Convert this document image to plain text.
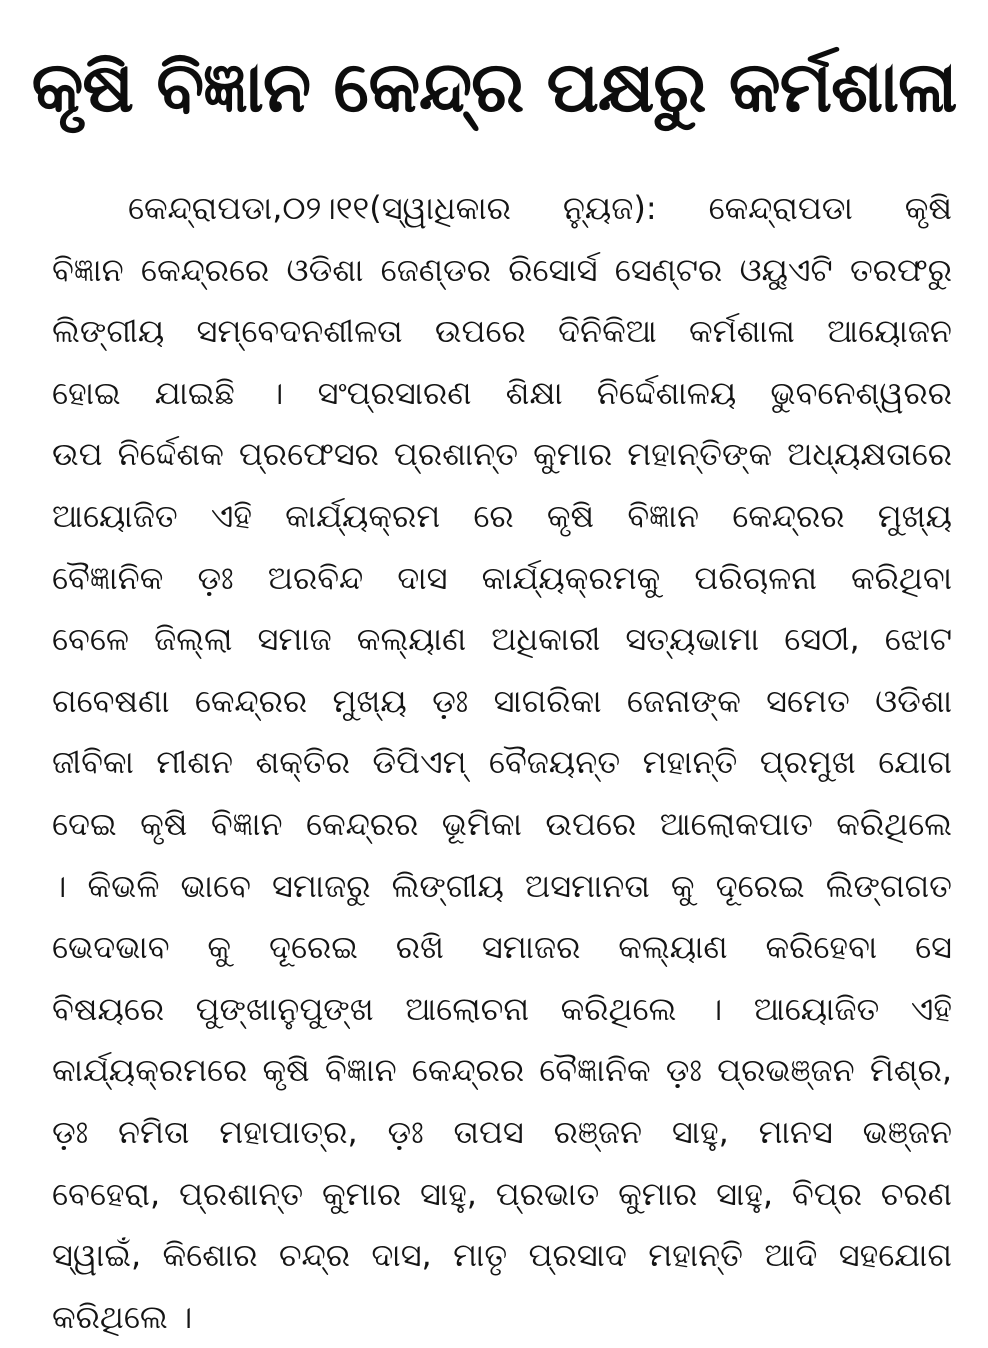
କୃଷି ବିଜ୍ଞାନ କେନ୍ଦ୍ର ପକ୍ଷରୁ କର୍ମଶାଳା
କେନ୍ଦ୍ରାପଡା,୦୨।୧୧(ସ୍ୱାଧିକାର ନ୍ୟୁଜ): କେନ୍ଦ୍ରାପଡା କୃଷି
ବିଜ୍ଞାନ କେନ୍ଦ୍ରରେ ଓଡିଶା ଜେଣ୍ଡର ରିସୋର୍ସ ସେଣ୍ଟର ଓୟୁଏଟି ତରଫରୁ
ଲିଙ୍ଗୀୟ ସମ୍ବେଦନଶୀଳତା ଉପରେ ଦିନିକିଆ କର୍ମଶାଳା ଆୟୋଜନ
ହୋଇ ଯାଇଛି । ସଂପ୍ରସାରଣ ଶିକ୍ଷା ନିର୍ଦ୍ଦେଶାଳୟ ଭୁବନେଶ୍ୱରର
ଉପ ନିର୍ଦ୍ଦେଶକ ପ୍ରଫେସର ପ୍ରଶାନ୍ତ କୁମାର ମହାନ୍ତିଙ୍କ ଅଧ୍ୟକ୍ଷତାରେ
ଆୟୋଜିତ ଏହି କାର୍ଯ୍ୟକ୍ରମ ରେ କୃଷି ବିଜ୍ଞାନ କେନ୍ଦ୍ରର ମୁଖ୍ୟ
ବୈଜ୍ଞାନିକ ଡ଼ଃ ଅରବିନ୍ଦ ଦାସ କାର୍ଯ୍ୟକ୍ରମକୁ ପରିଚାଳନା କରିଥିବା
ବେଳେ ଜିଲ୍ଲା ସମାଜ କଲ୍ୟାଣ ଅଧିକାରୀ ସତ୍ୟଭାମା ସେଠୀ, ଝୋଟ
ଗବେଷଣା କେନ୍ଦ୍ରର ମୁଖ୍ୟ ଡ଼ଃ ସାଗରିକା ଜେନାଙ୍କ ସମେତ ଓଡିଶା
ଜୀବିକା ମୀଶନ ଶକ୍ତିର ଡିପିଏମ୍ ବୈଜୟନ୍ତ ମହାନ୍ତି ପ୍ରମୁଖ ଯୋଗ
ଦେଇ କୃଷି ବିଜ୍ଞାନ କେନ୍ଦ୍ରର ଭୂମିକା ଉପରେ ଆଲୋକପାତ କରିଥିଲେ
। କିଭଳି ଭାବେ ସମାଜରୁ ଲିଙ୍ଗୀୟ ଅସମାନତା କୁ ଦୂରେଇ ଲିଙ୍ଗଗତ
ଭେଦଭାବ କୁ ଦୂରେଇ ରଖି ସମାଜର କଲ୍ୟାଣ କରିହେବା ସେ
ବିଷୟରେ ପୁଙ୍ଖାନୁପୁଙ୍ଖ ଆଲୋଚନା କରିଥିଲେ । ଆୟୋଜିତ ଏହି
କାର୍ଯ୍ୟକ୍ରମରେ କୃଷି ବିଜ୍ଞାନ କେନ୍ଦ୍ରର ବୈଜ୍ଞାନିକ ଡ଼ଃ ପ୍ରଭଞ୍ଜନ ମିଶ୍ର,
ଡ଼ଃ ନମିତା ମହାପାତ୍ର, ଡ଼ଃ ତାପସ ରଞ୍ଜନ ସାହୁ, ମାନସ ଭଞ୍ଜନ
ବେହେରା, ପ୍ରଶାନ୍ତ କୁମାର ସାହୁ, ପ୍ରଭାତ କୁମାର ସାହୁ, ବିପ୍ର ଚରଣ
ସ୍ୱାଇଁ, କିଶୋର ଚନ୍ଦ୍ର ଦାସ, ମାତୃ ପ୍ରସାଦ ମହାନ୍ତି ଆଦି ସହଯୋଗ
କରିଥିଲେ ।
